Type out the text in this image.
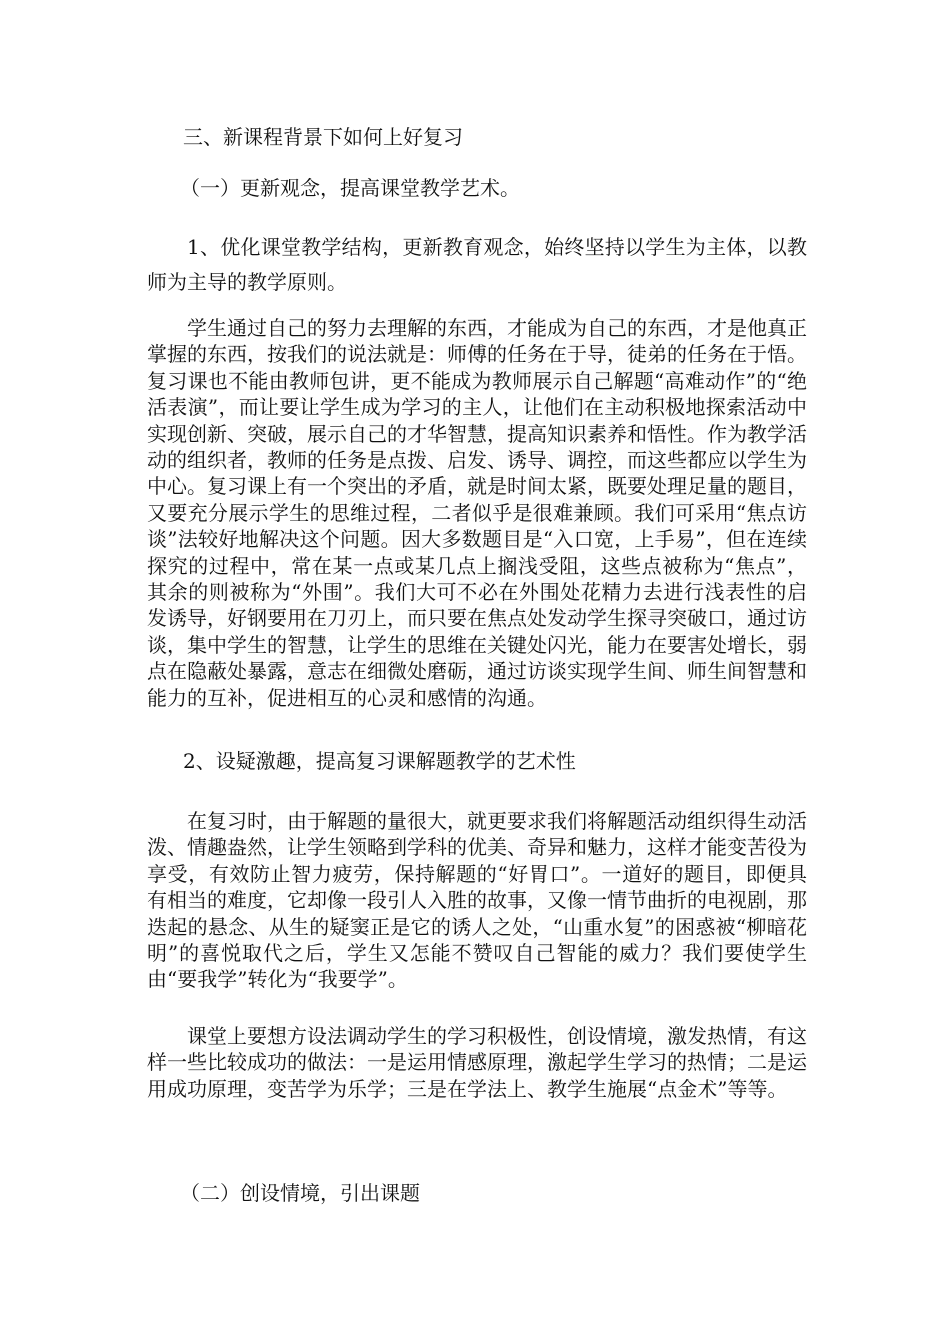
三、新课程背景下如何上好复习

（一）更新观念，提高课堂教学艺术。

1、优化课堂教学结构，更新教育观念，始终坚持以学生为主体，以教师为主导的教学原则。

学生通过自己的努力去理解的东西，才能成为自己的东西，才是他真正掌握的东西，按我们的说法就是：师傅的任务在于导，徒弟的任务在于悟。复习课也不能由教师包讲，更不能成为教师展示自己解题“高难动作”的“绝活表演”，而让要让学生成为学习的主人，让他们在主动积极地探索活动中实现创新、突破，展示自己的才华智慧，提高知识素养和悟性。作为教学活动的组织者，教师的任务是点拨、启发、诱导、调控，而这些都应以学生为中心。复习课上有一个突出的矛盾，就是时间太紧，既要处理足量的题目，又要充分展示学生的思维过程，二者似乎是很难兼顾。我们可采用“焦点访谈”法较好地解决这个问题。因大多数题目是“入口宽，上手易”，但在连续探究的过程中，常在某一点或某几点上搁浅受阻，这些点被称为“焦点”，其余的则被称为“外围”。我们大可不必在外围处花精力去进行浅表性的启发诱导，好钢要用在刀刃上，而只要在焦点处发动学生探寻突破口，通过访谈，集中学生的智慧，让学生的思维在关键处闪光，能力在要害处增长，弱点在隐蔽处暴露，意志在细微处磨砺，通过访谈实现学生间、师生间智慧和能力的互补，促进相互的心灵和感情的沟通。

2、设疑激趣，提高复习课解题教学的艺术性

在复习时，由于解题的量很大，就更要求我们将解题活动组织得生动活泼、情趣盎然，让学生领略到学科的优美、奇异和魅力，这样才能变苦役为享受，有效防止智力疲劳，保持解题的“好胃口”。一道好的题目，即便具有相当的难度，它却像一段引人入胜的故事，又像一情节曲折的电视剧，那迭起的悬念、从生的疑窦正是它的诱人之处，“山重水复”的困惑被“柳暗花明”的喜悦取代之后，学生又怎能不赞叹自己智能的威力？我们要使学生由“要我学”转化为“我要学”。

课堂上要想方设法调动学生的学习积极性，创设情境，激发热情，有这样一些比较成功的做法：一是运用情感原理，激起学生学习的热情；二是运用成功原理，变苦学为乐学；三是在学法上、教学生施展“点金术”等等。

（二）创设情境，引出课题
